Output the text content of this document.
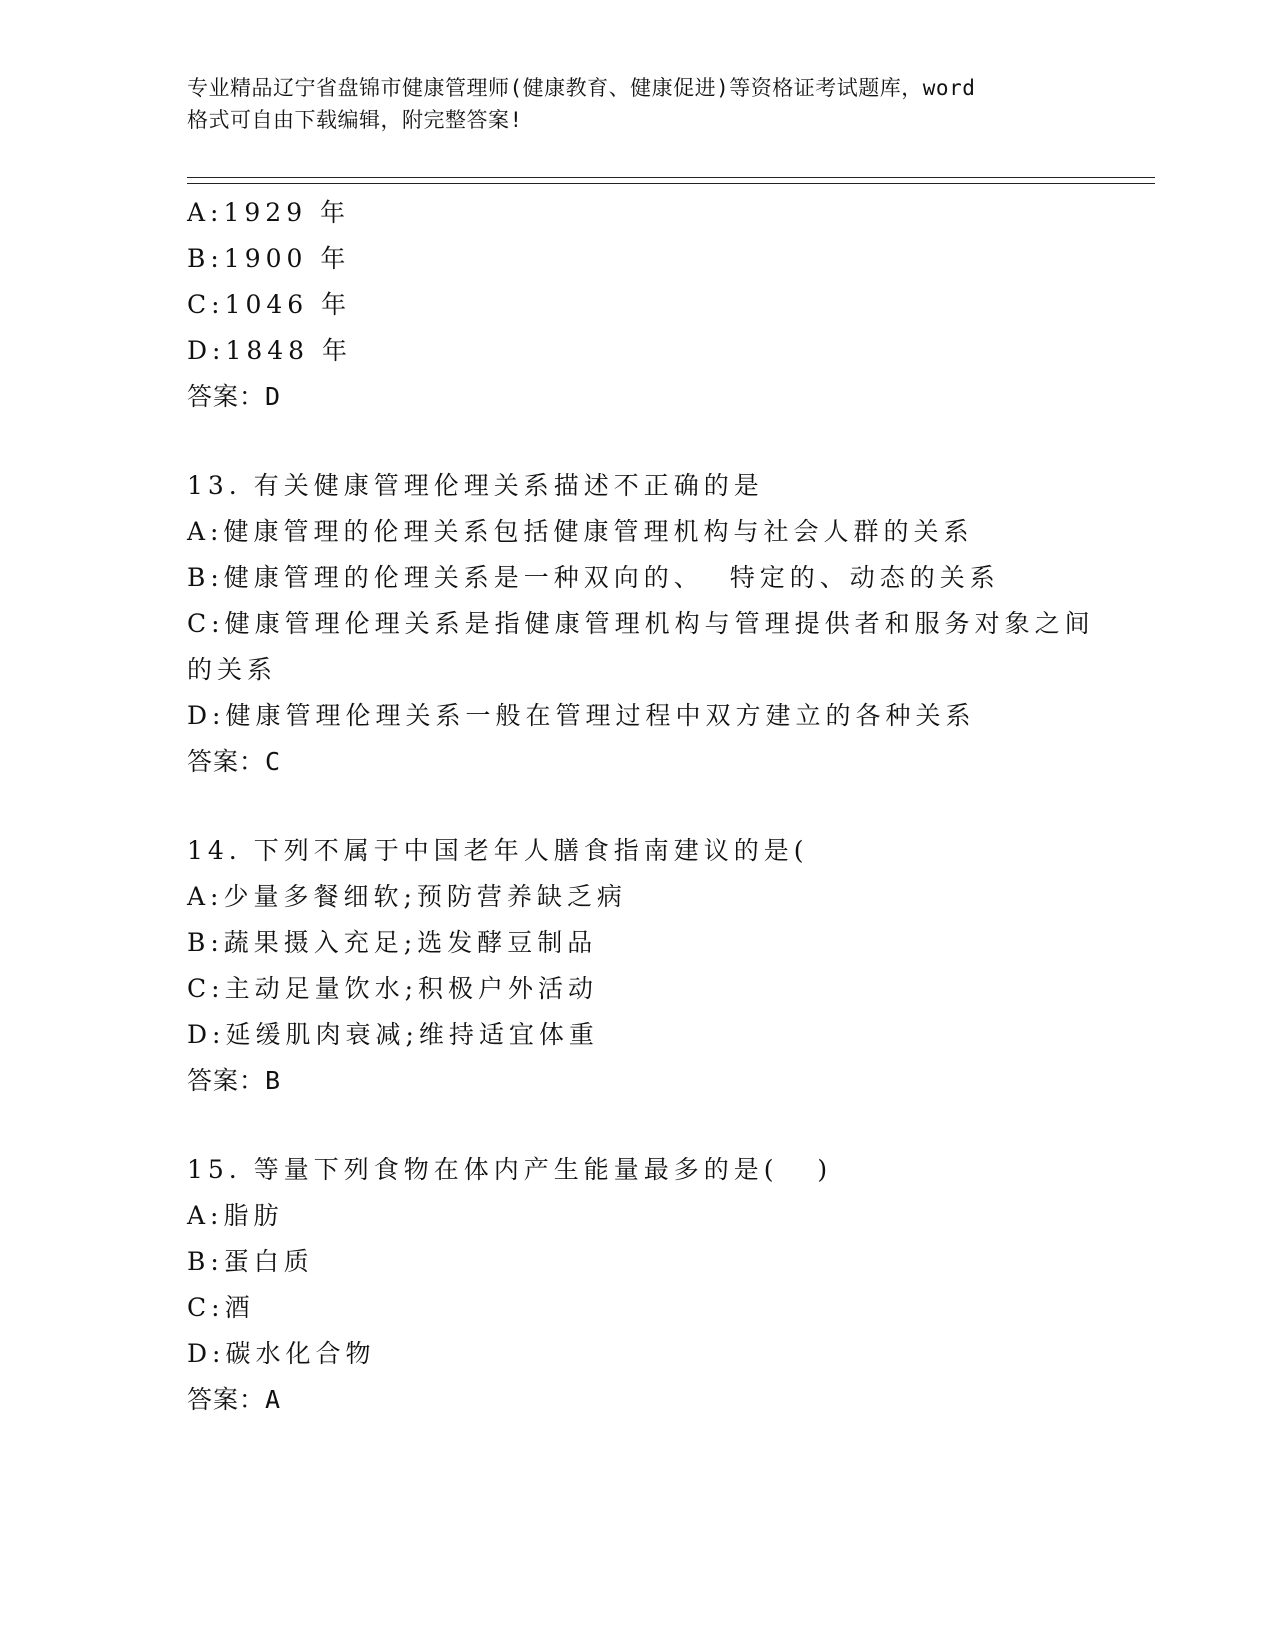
专业精品辽宁省盘锦市健康管理师(健康教育、健康促进)等资格证考试题库，word
格式可自由下载编辑，附完整答案!
A:1929 年
B:1900 年
C:1046 年
D:1848 年
答案：D
13. 有关健康管理伦理关系描述不正确的是
A:健康管理的伦理关系包括健康管理机构与社会人群的关系
B:健康管理的伦理关系是一种双向的、  特定的、动态的关系
C:健康管理伦理关系是指健康管理机构与管理提供者和服务对象之间的关系
D:健康管理伦理关系一般在管理过程中双方建立的各种关系
答案：C
14. 下列不属于中国老年人膳食指南建议的是(
A:少量多餐细软;预防营养缺乏病
B:蔬果摄入充足;选发酵豆制品
C:主动足量饮水;积极户外活动
D:延缓肌肉衰减;维持适宜体重
答案：B
15. 等量下列食物在体内产生能量最多的是(   )
A:脂肪
B:蛋白质
C:酒
D:碳水化合物
答案：A
